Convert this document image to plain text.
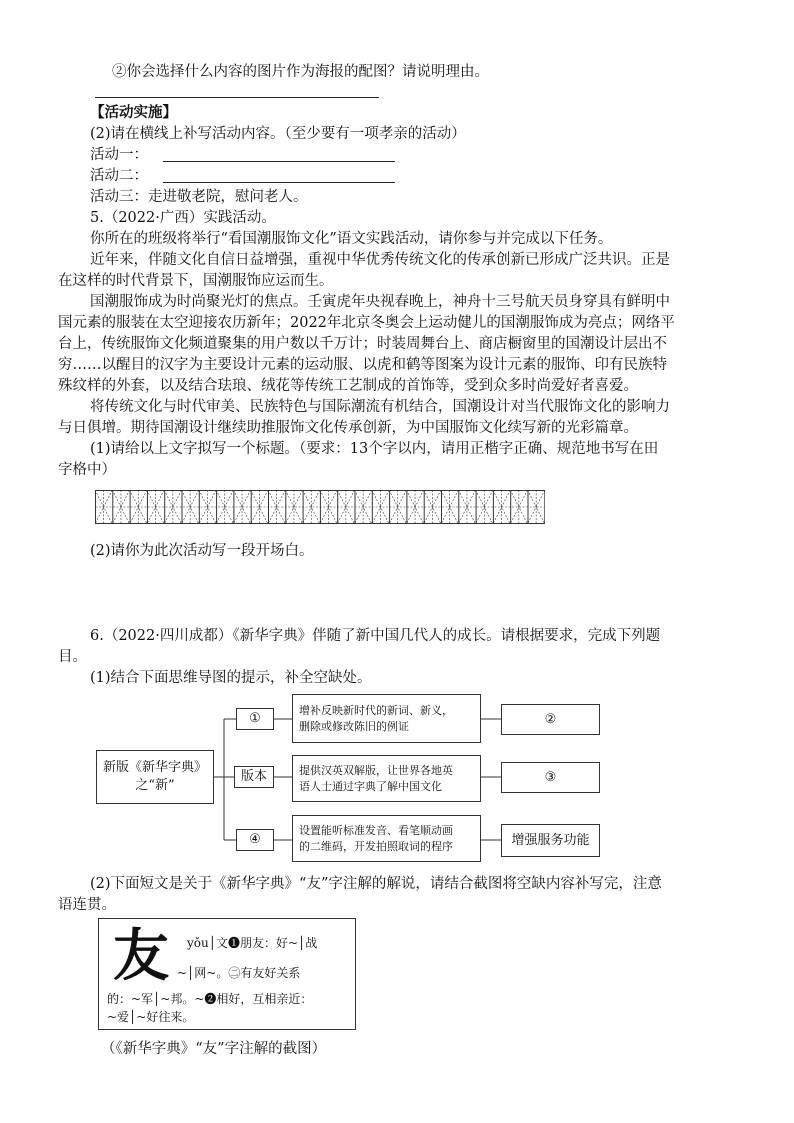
②你会选择什么内容的图片作为海报的配图？请说明理由。
【活动实施】
(2)请在横线上补写活动内容。（至少要有一项孝亲的活动）
活动一：
活动二：
活动三：走进敬老院，慰问老人。
5.（2022·广西）实践活动。
你所在的班级将举行“看国潮服饰文化”语文实践活动，请你参与并完成以下任务。
近年来，伴随文化自信日益增强，重视中华优秀传统文化的传承创新已形成广泛共识。正是
在这样的时代背景下，国潮服饰应运而生。
国潮服饰成为时尚聚光灯的焦点。壬寅虎年央视春晚上，神舟十三号航天员身穿具有鲜明中
国元素的服装在太空迎接农历新年；2022年北京冬奥会上运动健儿的国潮服饰成为亮点；网络平
台上，传统服饰文化频道聚集的用户数以千万计；时装周舞台上、商店橱窗里的国潮设计层出不
穷……以醒目的汉字为主要设计元素的运动服、以虎和鹤等图案为设计元素的服饰、印有民族特
殊纹样的外套，以及结合珐琅、绒花等传统工艺制成的首饰等，受到众多时尚爱好者喜爱。
将传统文化与时代审美、民族特色与国际潮流有机结合，国潮设计对当代服饰文化的影响力
与日俱增。期待国潮设计继续助推服饰文化传承创新，为中国服饰文化续写新的光彩篇章。
(1)请给以上文字拟写一个标题。（要求：13个字以内，请用正楷字正确、规范地书写在田
字格中）
(2)请你为此次活动写一段开场白。
6.（2022·四川成都）《新华字典》伴随了新中国几代人的成长。请根据要求，完成下列题
目。
(1)结合下面思维导图的提示，补全空缺处。
新版《新华字典》
之“新”
①
版本
④
增补反映新时代的新词、新义，
删除或修改陈旧的例证
提供汉英双解版，让世界各地英
语人士通过字典了解中国文化
设置能听标准发音、看笔顺动画
的二维码，开发拍照取词的程序
②
③
增强服务功能
(2)下面短文是关于《新华字典》“友”字注解的解说，请结合截图将空缺内容补写完，注意
语连贯。
友 yǒu│文❶朋友：好~│战
~│网~。㊁有友好关系
的：~军│~邦。~❷相好，互相亲近：
~爱│~好往来。
（《新华字典》“友”字注解的截图）
